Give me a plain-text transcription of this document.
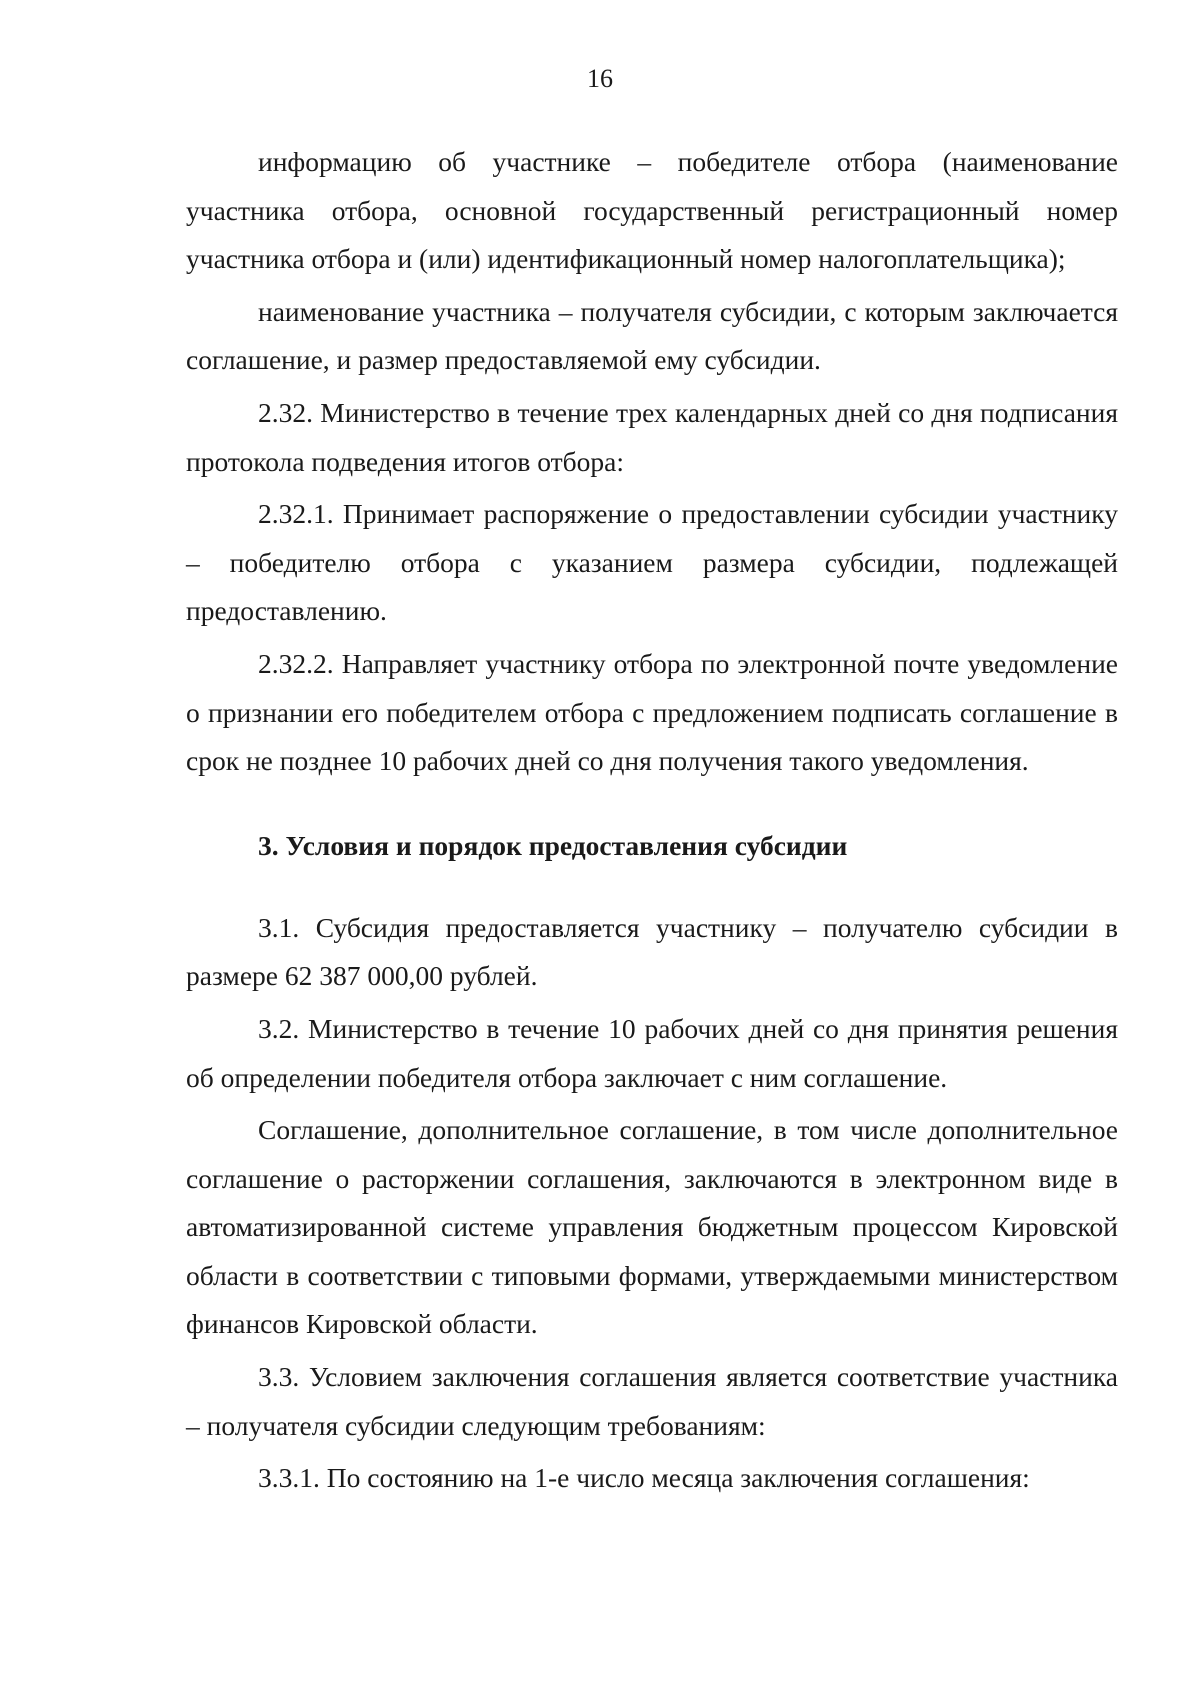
16

информацию об участнике – победителе отбора (наименование участника отбора, основной государственный регистрационный номер участника отбора и (или) идентификационный номер налогоплательщика);

наименование участника – получателя субсидии, с которым заключается соглашение, и размер предоставляемой ему субсидии.

2.32. Министерство в течение трех календарных дней со дня подписания протокола подведения итогов отбора:

2.32.1. Принимает распоряжение о предоставлении субсидии участнику – победителю отбора с указанием размера субсидии, подлежащей предоставлению.

2.32.2. Направляет участнику отбора по электронной почте уведомление о признании его победителем отбора с предложением подписать соглашение в срок не позднее 10 рабочих дней со дня получения такого уведомления.

3. Условия и порядок предоставления субсидии

3.1. Субсидия предоставляется участнику – получателю субсидии в размере 62 387 000,00 рублей.

3.2. Министерство в течение 10 рабочих дней со дня принятия решения об определении победителя отбора заключает с ним соглашение.

Соглашение, дополнительное соглашение, в том числе дополнительное соглашение о расторжении соглашения, заключаются в электронном виде в автоматизированной системе управления бюджетным процессом Кировской области в соответствии с типовыми формами, утверждаемыми министерством финансов Кировской области.

3.3. Условием заключения соглашения является соответствие участника – получателя субсидии следующим требованиям:

3.3.1. По состоянию на 1-е число месяца заключения соглашения:
